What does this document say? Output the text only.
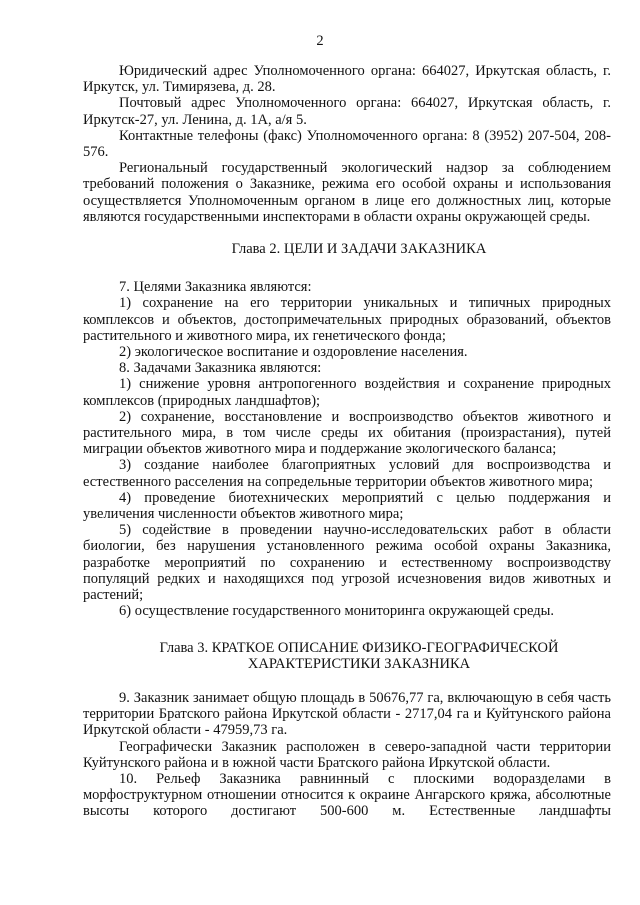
2

Юридический адрес Уполномоченного органа: 664027, Иркутская область, г. Иркутск, ул. Тимирязева, д. 28.

Почтовый адрес Уполномоченного органа: 664027, Иркутская область, г. Иркутск-27, ул. Ленина, д. 1А, а/я 5.

Контактные телефоны (факс) Уполномоченного органа: 8 (3952) 207-504, 208-576.

Региональный государственный экологический надзор за соблюдением требований положения о Заказнике, режима его особой охраны и использования осуществляется Уполномоченным органом в лице его должностных лиц, которые являются государственными инспекторами в области охраны окружающей среды.

Глава 2. ЦЕЛИ И ЗАДАЧИ ЗАКАЗНИКА

7. Целями Заказника являются:

1) сохранение на его территории уникальных и типичных природных комплексов и объектов, достопримечательных природных образований, объектов растительного и животного мира, их генетического фонда;

2) экологическое воспитание и оздоровление населения.

8. Задачами Заказника являются:

1) снижение уровня антропогенного воздействия и сохранение природных комплексов (природных ландшафтов);

2) сохранение, восстановление и воспроизводство объектов животного и растительного мира, в том числе среды их обитания (произрастания), путей миграции объектов животного мира и поддержание экологического баланса;

3) создание наиболее благоприятных условий для воспроизводства и естественного расселения на сопредельные территории объектов животного мира;

4) проведение биотехнических мероприятий с целью поддержания и увеличения численности объектов животного мира;

5) содействие в проведении научно-исследовательских работ в области биологии, без нарушения установленного режима особой охраны Заказника, разработке мероприятий по сохранению и естественному воспроизводству популяций редких и находящихся под угрозой исчезновения видов животных и растений;

6) осуществление государственного мониторинга окружающей среды.

Глава 3. КРАТКОЕ ОПИСАНИЕ ФИЗИКО-ГЕОГРАФИЧЕСКОЙ

ХАРАКТЕРИСТИКИ ЗАКАЗНИКА

9. Заказник занимает общую площадь в 50676,77 га, включающую в себя часть территории Братского района Иркутской области - 2717,04 га и Куйтунского района Иркутской области - 47959,73 га.

Географически Заказник расположен в северо-западной части территории Куйтунского района и в южной части Братского района Иркутской области.

10. Рельеф Заказника равнинный с плоскими водоразделами в морфоструктурном отношении относится к окраине Ангарского кряжа, абсолютные высоты которого достигают 500-600 м. Естественные ландшафты
